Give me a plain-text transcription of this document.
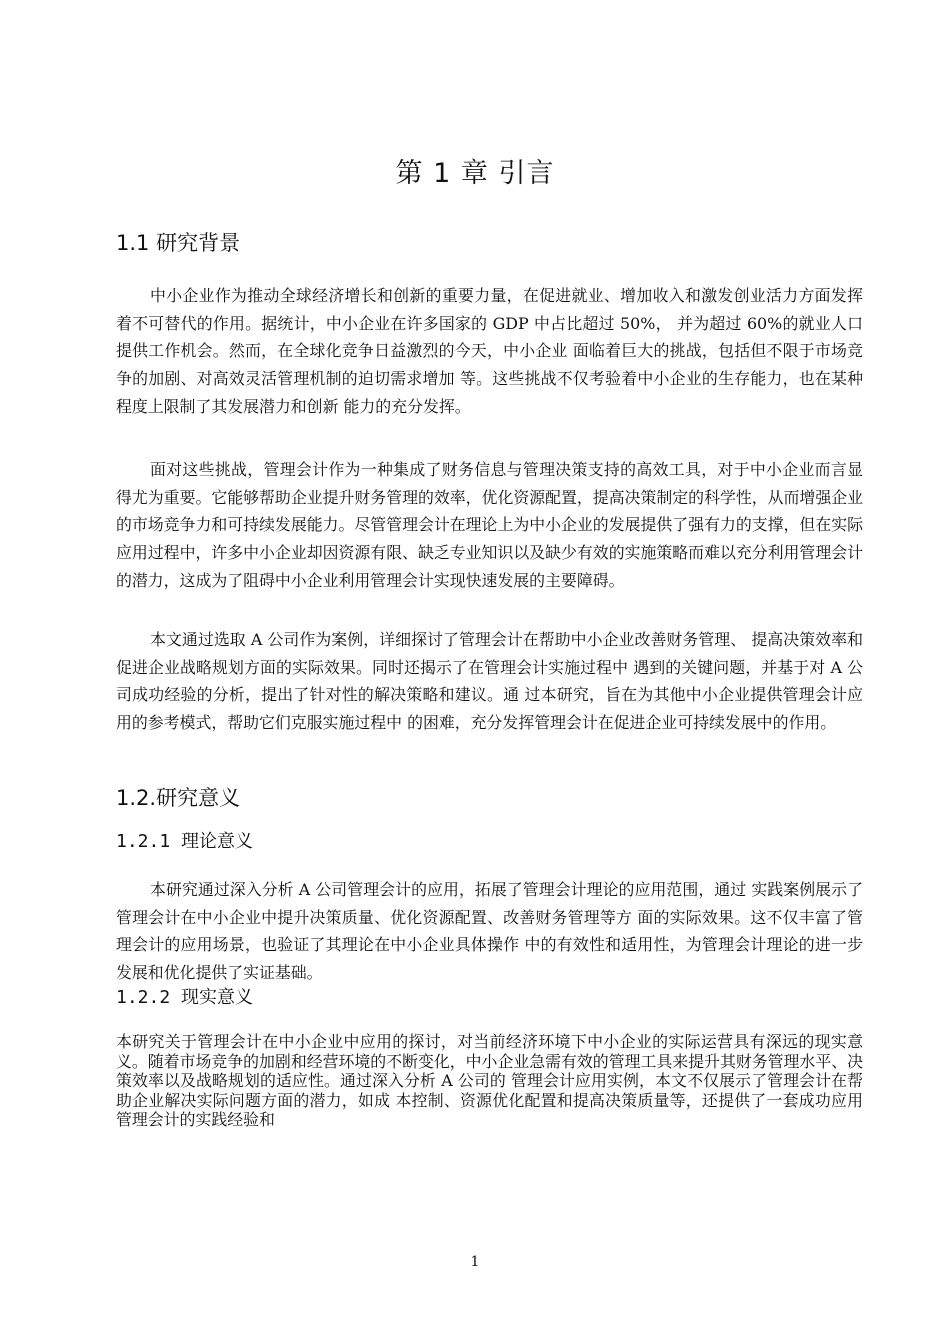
第 1 章 引言
1.1 研究背景

中小企业作为推动全球经济增长和创新的重要力量，在促进就业、增加收入和激发创业活力方面发挥着不可替代的作用。据统计，中小企业在许多国家的 GDP 中占比超过 50%， 并为超过 60%的就业人口提供工作机会。然而，在全球化竞争日益激烈的今天，中小企业 面临着巨大的挑战，包括但不限于市场竞争的加剧、对高效灵活管理机制的迫切需求增加 等。这些挑战不仅考验着中小企业的生存能力，也在某种程度上限制了其发展潜力和创新 能力的充分发挥。

面对这些挑战，管理会计作为一种集成了财务信息与管理决策支持的高效工具，对于中小企业而言显得尤为重要。它能够帮助企业提升财务管理的效率，优化资源配置，提高决策制定的科学性，从而增强企业的市场竞争力和可持续发展能力。尽管管理会计在理论上为中小企业的发展提供了强有力的支撑，但在实际应用过程中，许多中小企业却因资源有限、缺乏专业知识以及缺少有效的实施策略而难以充分利用管理会计的潜力，这成为了阻碍中小企业利用管理会计实现快速发展的主要障碍。

本文通过选取 A 公司作为案例，详细探讨了管理会计在帮助中小企业改善财务管理、 提高决策效率和促进企业战略规划方面的实际效果。同时还揭示了在管理会计实施过程中 遇到的关键问题，并基于对 A 公司成功经验的分析，提出了针对性的解决策略和建议。通 过本研究，旨在为其他中小企业提供管理会计应用的参考模式，帮助它们克服实施过程中 的困难，充分发挥管理会计在促进企业可持续发展中的作用。

1.2.研究意义
1.2.1 理论意义

本研究通过深入分析 A 公司管理会计的应用，拓展了管理会计理论的应用范围，通过 实践案例展示了管理会计在中小企业中提升决策质量、优化资源配置、改善财务管理等方 面的实际效果。这不仅丰富了管理会计的应用场景，也验证了其理论在中小企业具体操作 中的有效性和适用性，为管理会计理论的进一步发展和优化提供了实证基础。

1.2.2 现实意义

本研究关于管理会计在中小企业中应用的探讨，对当前经济环境下中小企业的实际运营具有深远的现实意义。随着市场竞争的加剧和经营环境的不断变化，中小企业急需有效的管理工具来提升其财务管理水平、决策效率以及战略规划的适应性。通过深入分析 A 公司的 管理会计应用实例，本文不仅展示了管理会计在帮助企业解决实际问题方面的潜力，如成 本控制、资源优化配置和提高决策质量等，还提供了一套成功应用管理会计的实践经验和

1
